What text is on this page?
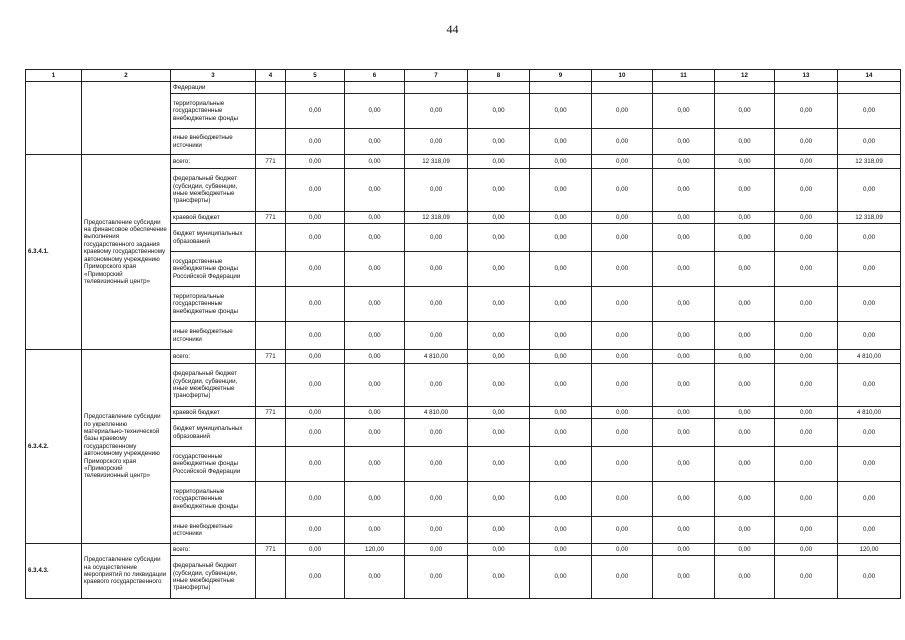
44
1	2	3	4	5	6	7	8	9	10	11	12	13	14
		Федерации											
		территориальные государственные внебюджетные фонды		0,00	0,00	0,00	0,00	0,00	0,00	0,00	0,00	0,00	0,00
		иные внебюджетные источники		0,00	0,00	0,00	0,00	0,00	0,00	0,00	0,00	0,00	0,00
6.3.4.1.	Предоставление субсидии на финансовое обеспечение выполнения государственного задания краевому государственному автономному учреждению Приморского края «Приморский телевизионный центр»	всего:	771	0,00	0,00	12 318,09	0,00	0,00	0,00	0,00	0,00	0,00	12 318,09
		федеральный бюджет (субсидии, субвенции, иные межбюджетные трансферты)		0,00	0,00	0,00	0,00	0,00	0,00	0,00	0,00	0,00	0,00
		краевой бюджет	771	0,00	0,00	12 318,09	0,00	0,00	0,00	0,00	0,00	0,00	12 318,09
		бюджет муниципальных образований		0,00	0,00	0,00	0,00	0,00	0,00	0,00	0,00	0,00	0,00
		государственные внебюджетные фонды Российской Федерации		0,00	0,00	0,00	0,00	0,00	0,00	0,00	0,00	0,00	0,00
		территориальные государственные внебюджетные фонды		0,00	0,00	0,00	0,00	0,00	0,00	0,00	0,00	0,00	0,00
		иные внебюджетные источники		0,00	0,00	0,00	0,00	0,00	0,00	0,00	0,00	0,00	0,00
6.3.4.2.	Предоставление субсидии по укреплению материально-технической базы краевому государственному автономному учреждению Приморского края «Приморский телевизионный центр»	всего:	771	0,00	0,00	4 810,00	0,00	0,00	0,00	0,00	0,00	0,00	4 810,00
		федеральный бюджет (субсидии, субвенции, иные межбюджетные трансферты)		0,00	0,00	0,00	0,00	0,00	0,00	0,00	0,00	0,00	0,00
		краевой бюджет	771	0,00	0,00	4 810,00	0,00	0,00	0,00	0,00	0,00	0,00	4 810,00
		бюджет муниципальных образований		0,00	0,00	0,00	0,00	0,00	0,00	0,00	0,00	0,00	0,00
		государственные внебюджетные фонды Российской Федерации		0,00	0,00	0,00	0,00	0,00	0,00	0,00	0,00	0,00	0,00
		территориальные государственные внебюджетные фонды		0,00	0,00	0,00	0,00	0,00	0,00	0,00	0,00	0,00	0,00
		иные внебюджетные источники		0,00	0,00	0,00	0,00	0,00	0,00	0,00	0,00	0,00	0,00
6.3.4.3.	Предоставление субсидии на осуществление мероприятий по ликвидации краевого государственного	всего:	771	0,00	120,00	0,00	0,00	0,00	0,00	0,00	0,00	0,00	120,00
		федеральный бюджет (субсидии, субвенции, иные межбюджетные трансферты)		0,00	0,00	0,00	0,00	0,00	0,00	0,00	0,00	0,00	0,00
